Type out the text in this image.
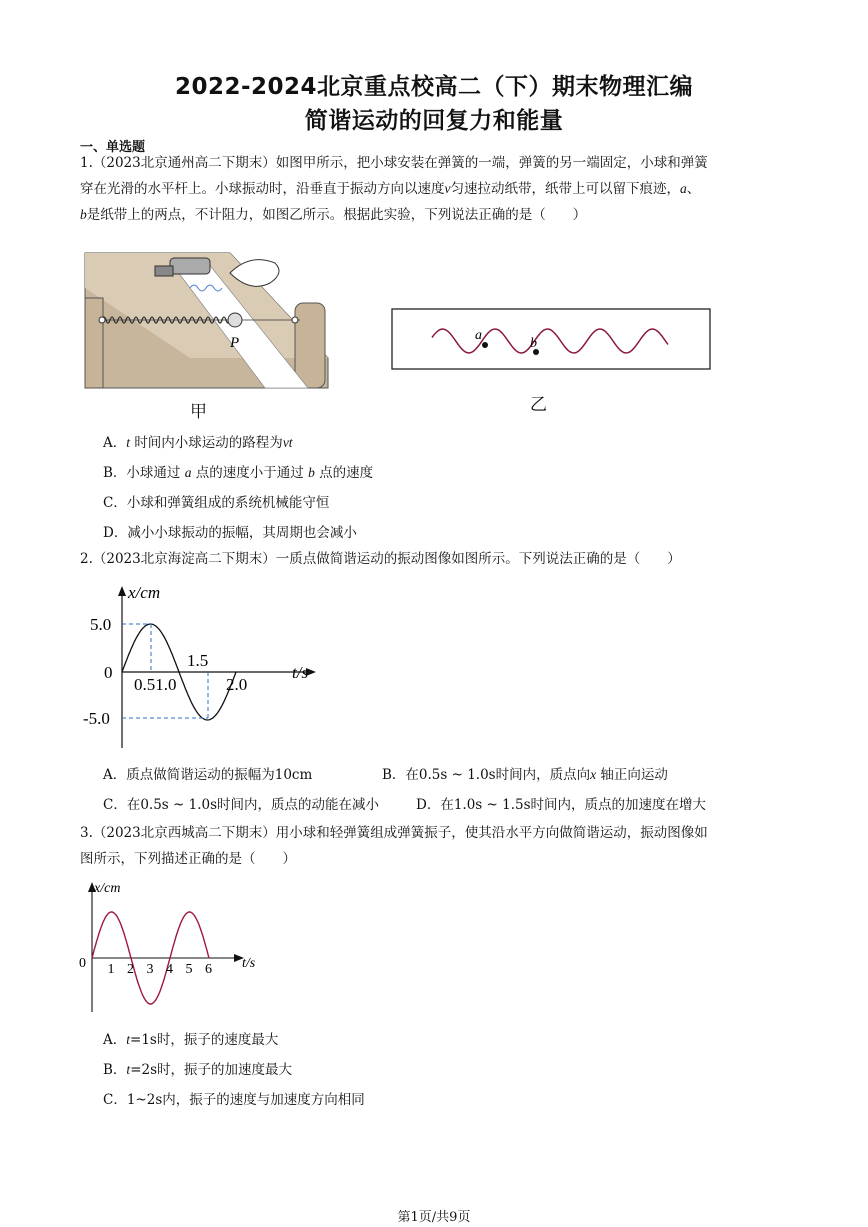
2022-2024北京重点校高二（下）期末物理汇编
简谐运动的回复力和能量
一、单选题
1.（2023北京通州高二下期末）如图甲所示，把小球安装在弹簧的一端，弹簧的另一端固定，小球和弹簧
穿在光滑的水平杆上。小球振动时，沿垂直于振动方向以速度v匀速拉动纸带，纸带上可以留下痕迹，a、
b是纸带上的两点，不计阻力，如图乙所示。根据此实验，下列说法正确的是（　　）
P
甲
a
b
乙
A．t 时间内小球运动的路程为vt
B．小球通过 a 点的速度小于通过 b 点的速度
C．小球和弹簧组成的系统机械能守恒
D．减小小球振动的振幅，其周期也会减小
2.（2023北京海淀高二下期末）一质点做简谐运动的振动图像如图所示。下列说法正确的是（　　）
x/cm
t/s
5.0
0
-5.0
0.51.0
1.5
2.0
A．质点做简谐运动的振幅为10cm	B．在0.5s ~ 1.0s时间内，质点向x 轴正向运动
C．在0.5s ~ 1.0s时间内，质点的动能在减小	D．在1.0s ~ 1.5s时间内，质点的加速度在增大
3.（2023北京西城高二下期末）用小球和轻弹簧组成弹簧振子，使其沿水平方向做简谐运动，振动图像如
图所示，下列描述正确的是（　　）
x/cm
t/s
0 1 2 3 4 5 6
A．t=1s时，振子的速度最大
B．t=2s时，振子的加速度最大
C．1~2s内，振子的速度与加速度方向相同
第1页/共9页
